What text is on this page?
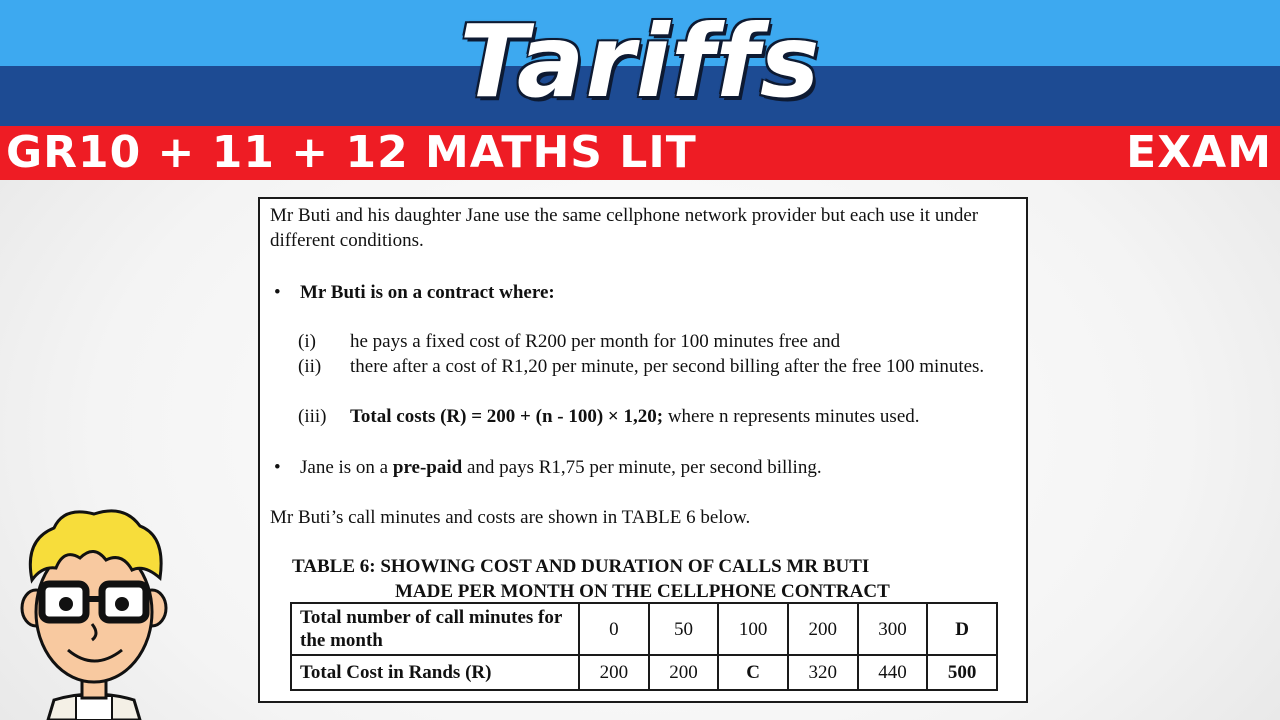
Tariffs
GR10 + 11 + 12 MATHS LIT	EXAM
Mr Buti and his daughter Jane use the same cellphone network provider but each use it under different conditions.
•	Mr Buti is on a contract where:
(i)	he pays a fixed cost of R200 per month for 100 minutes free and
(ii)	there after a cost of R1,20 per minute, per second billing after the free 100 minutes.
(iii)	Total costs (R) = 200 + (n - 100) × 1,20; where n represents minutes used.
•	Jane is on a pre-paid and pays R1,75 per minute, per second billing.
Mr Buti’s call minutes and costs are shown in TABLE 6 below.
TABLE 6: SHOWING COST AND DURATION OF CALLS MR BUTI
MADE PER MONTH ON THE CELLPHONE CONTRACT
Total number of call minutes for the month	0	50	100	200	300	D
Total Cost in Rands (R)	200	200	C	320	440	500
